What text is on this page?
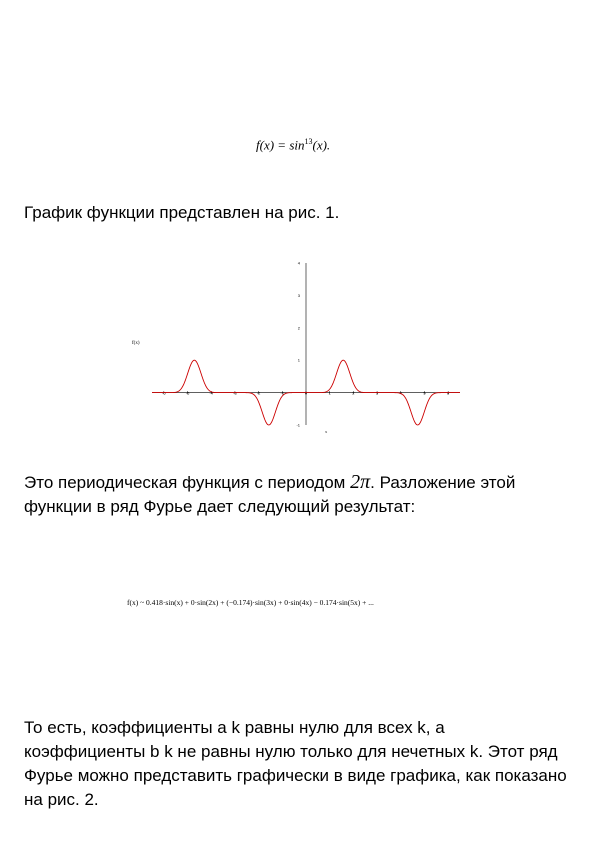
$f(x) = \sin^{13}(x)$.
График функции представлен на рис. 1.
-6	-5	-4	-3	-2	-1	0	1	2	3	4	5	6
4
3
2
1
-1
f(x)
x
Это периодическая функция с периодом 2π. Разложение этой функции в ряд Фурье дает следующий результат:
f(x) ~ 0.418·sin(x) + 0·sin(2x) + (−0.174)·sin(3x) + 0·sin(4x) − 0.174·sin(5x) + ...
То есть, коэффициенты a k равны нулю для всех k, а коэффициенты b k не равны нулю только для нечетных k. Этот ряд Фурье можно представить графически в виде графика, как показано на рис. 2.
